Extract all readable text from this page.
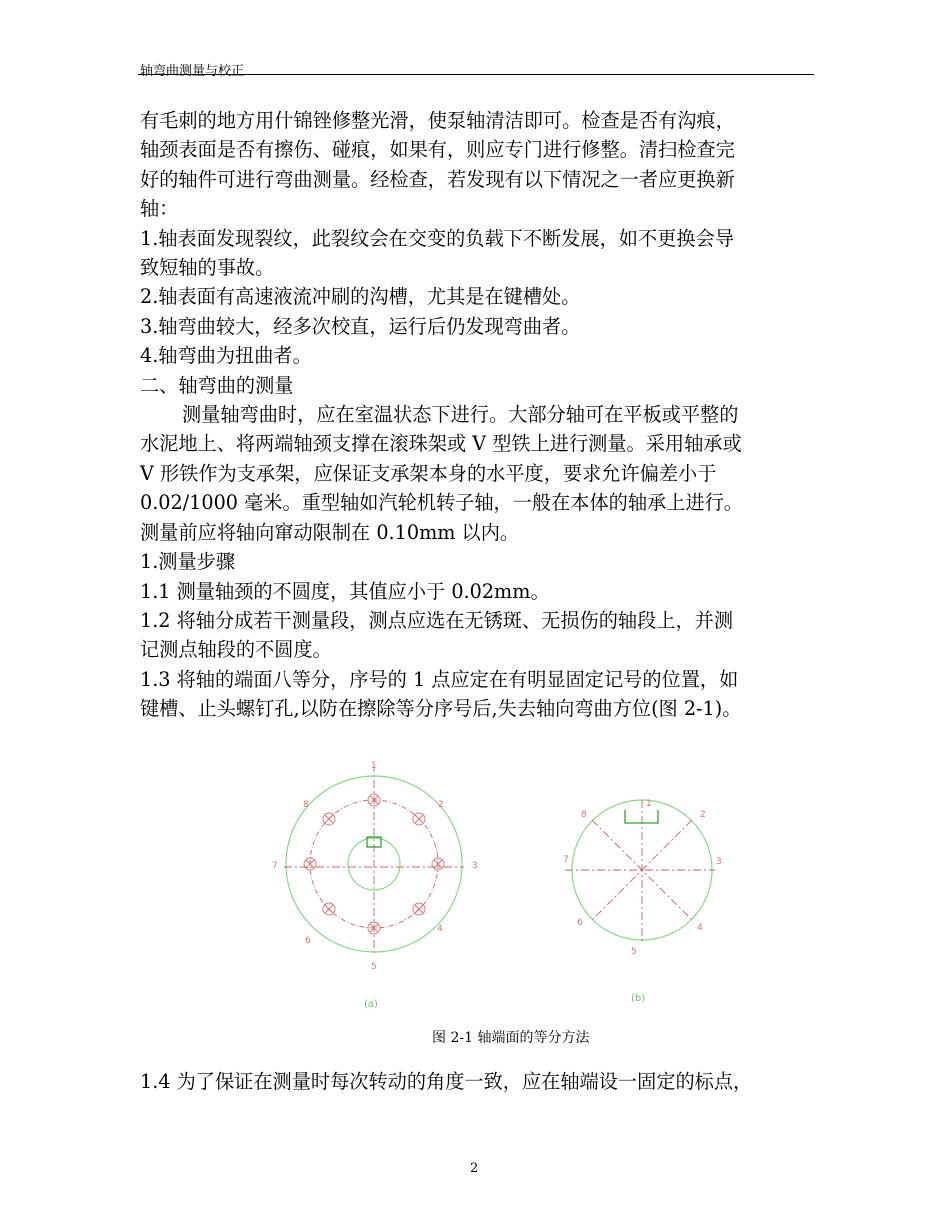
轴弯曲测量与校正

有毛刺的地方用什锦锉修整光滑，使泵轴清洁即可。检查是否有沟痕，

轴颈表面是否有擦伤、碰痕，如果有，则应专门进行修整。清扫检查完

好的轴件可进行弯曲测量。经检查，若发现有以下情况之一者应更换新

轴：

1.轴表面发现裂纹，此裂纹会在交变的负载下不断发展，如不更换会导

致短轴的事故。

2.轴表面有高速液流冲刷的沟槽，尤其是在键槽处。

3.轴弯曲较大，经多次校直，运行后仍发现弯曲者。

4.轴弯曲为扭曲者。

二、轴弯曲的测量

测量轴弯曲时，应在室温状态下进行。大部分轴可在平板或平整的

水泥地上、将两端轴颈支撑在滚珠架或 V 型铁上进行测量。采用轴承或

V 形铁作为支承架，应保证支承架本身的水平度，要求允许偏差小于

0.02/1000 毫米。重型轴如汽轮机转子轴，一般在本体的轴承上进行。

测量前应将轴向窜动限制在 0.10mm 以内。

1.测量步骤

1.1 测量轴颈的不圆度，其值应小于 0.02mm。

1.2 将轴分成若干测量段，测点应选在无锈斑、无损伤的轴段上，并测

记测点轴段的不圆度。

1.3 将轴的端面八等分，序号的 1 点应定在有明显固定记号的位置，如

键槽、止头螺钉孔,以防在擦除等分序号后,失去轴向弯曲方位(图 2-1)。

1
2
3
4
5
6
7
8
(a)
1
2
3
4
5
6
7
8
(b)
图 2-1 轴端面的等分方法
1.4 为了保证在测量时每次转动的角度一致，应在轴端设一固定的标点，
2
